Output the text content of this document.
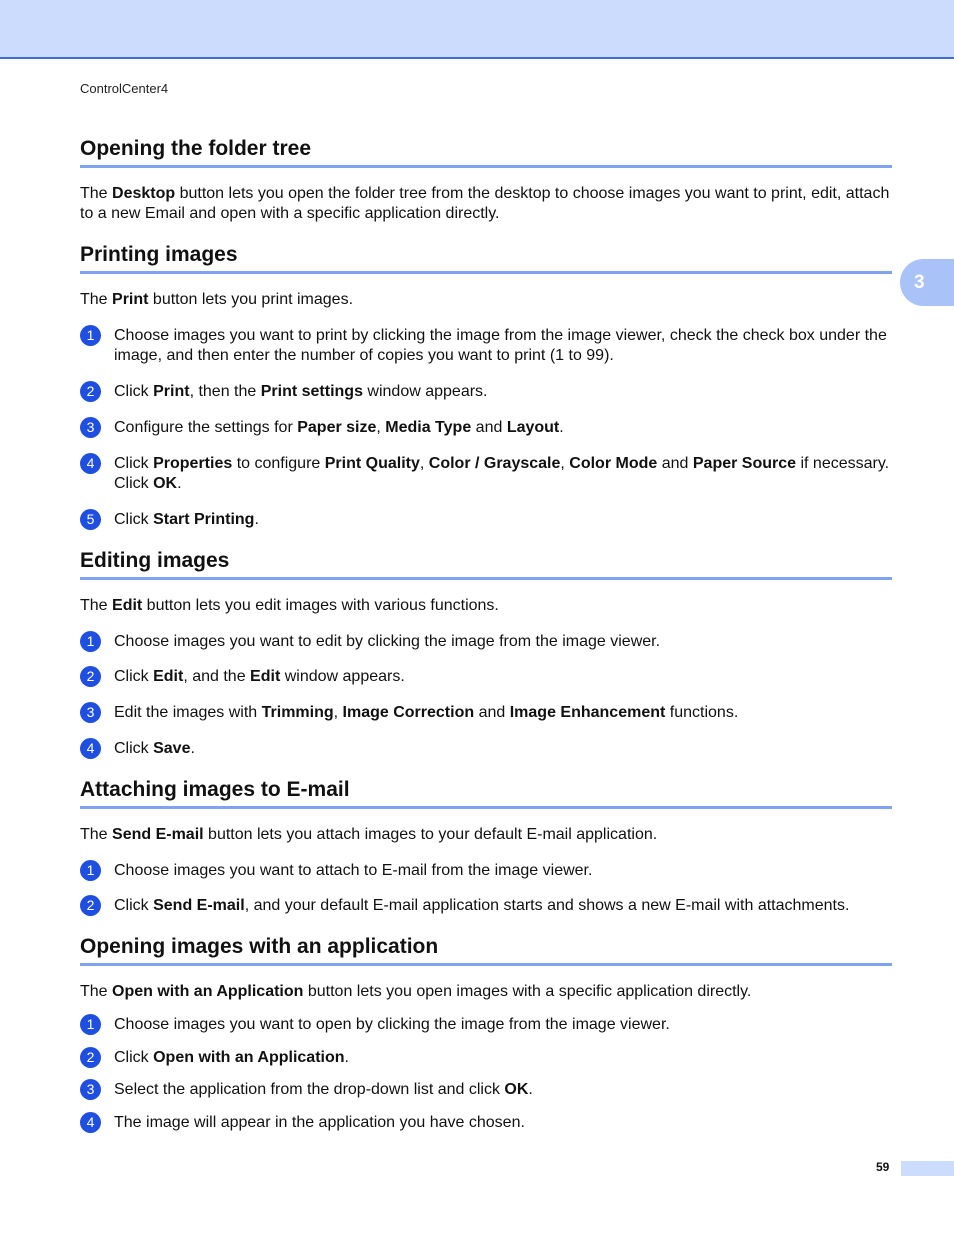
ControlCenter4
3
Opening the folder tree

The Desktop button lets you open the folder tree from the desktop to choose images you want to print, edit, attach to a new Email and open with a specific application directly.

Printing images

The Print button lets you print images.

1	Choose images you want to print by clicking the image from the image viewer, check the check box under the image, and then enter the number of copies you want to print (1 to 99).
2	Click Print, then the Print settings window appears.
3	Configure the settings for Paper size, Media Type and Layout.
4	Click Properties to configure Print Quality, Color / Grayscale, Color Mode and Paper Source if necessary. Click OK.
5	Click Start Printing.
Editing images

The Edit button lets you edit images with various functions.

1	Choose images you want to edit by clicking the image from the image viewer.
2	Click Edit, and the Edit window appears.
3	Edit the images with Trimming, Image Correction and Image Enhancement functions.
4	Click Save.
Attaching images to E-mail

The Send E-mail button lets you attach images to your default E-mail application.

1	Choose images you want to attach to E-mail from the image viewer.
2	Click Send E-mail, and your default E-mail application starts and shows a new E-mail with attachments.
Opening images with an application

The Open with an Application button lets you open images with a specific application directly.

1	Choose images you want to open by clicking the image from the image viewer.
2	Click Open with an Application.
3	Select the application from the drop-down list and click OK.
4	The image will appear in the application you have chosen.
59
